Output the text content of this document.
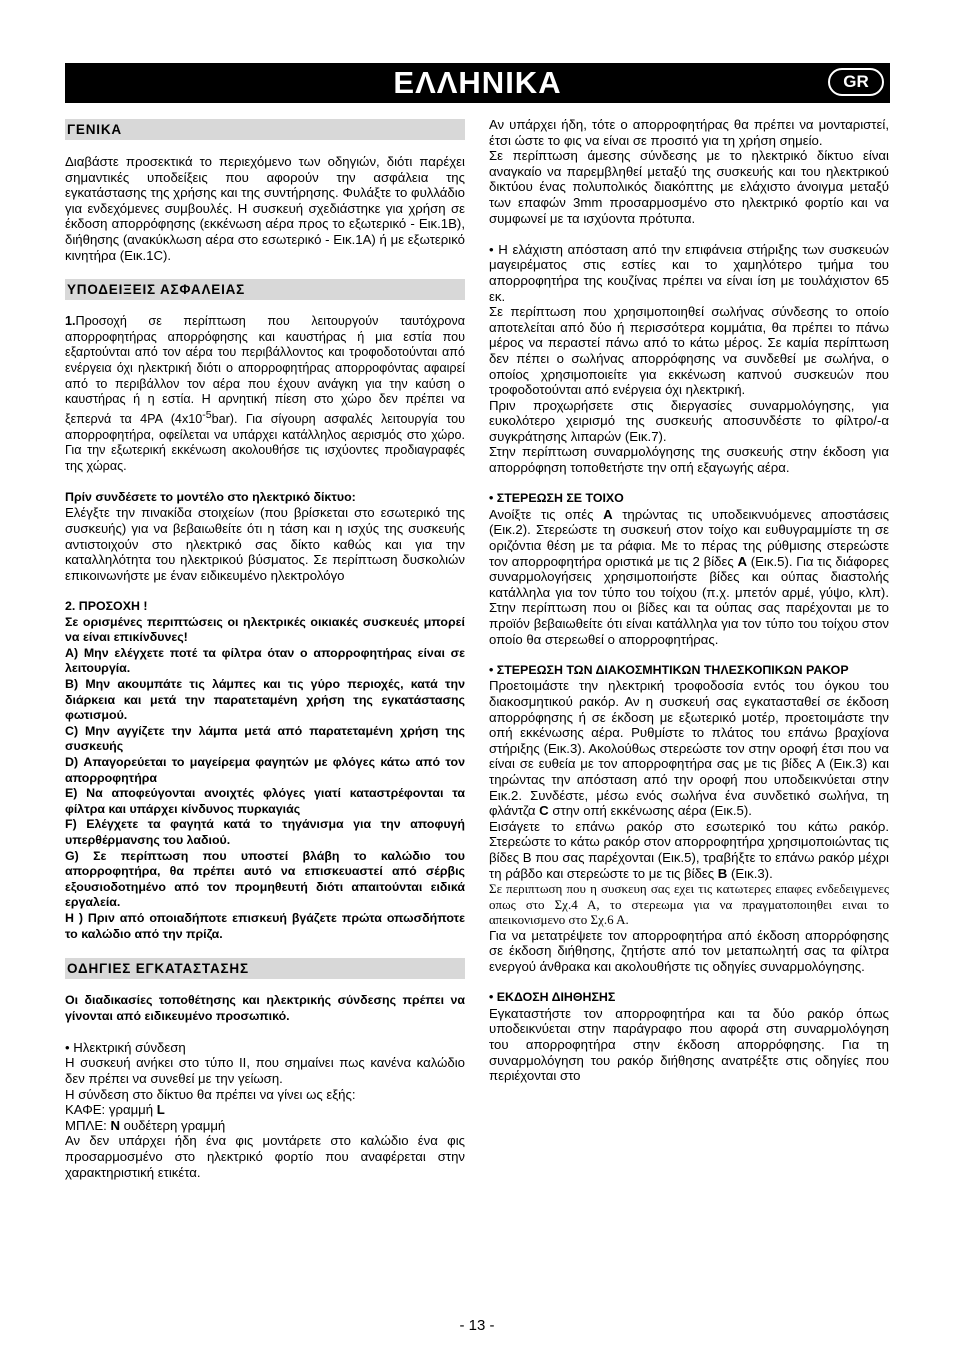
ΕΛΛΗΝΙΚΑ	GR
ΓΕΝΙΚΑ

Διαβάστε προσεκτικά το περιεχόμενο των οδηγιών, διότι παρέχει σημαντικές υποδείξεις που αφορούν την ασφάλεια της εγκατάστασης της χρήσης και της συντήρησης. Φυλάξτε το φυλλάδιο για ενδεχόμενες συμβουλές. Η συσκευή σχεδιάστηκε για χρήση σε έκδοση απορρόφησης (εκκένωση αέρα προς το εξωτερικό - Εικ.1B), διήθησης (ανακύκλωση αέρα στο εσωτερικό - Εικ.1A) ή με εξωτερικό κινητήρα (Εικ.1C).

ΥΠΟΔΕΙΞΕΙΣ ΑΣΦΑΛΕΙΑΣ

1.Προσοχή σε περίπτωση που λειτουργούν ταυτόχρονα απορροφητήρας απορρόφησης και καυστήρας ή μια εστία που εξαρτούνται από τον αέρα του περιβάλλοντος και τροφοδοτούνται από ενέργεια όχι ηλεκτρική διότι ο απορροφητήρας απορροφόντας αφαιρεί από το περιβάλλον τον αέρα που έχουν ανάγκη για την καύση ο καυστήρας ή η εστία. Η αρνητική πίεση στο χώρο δεν πρέπει να ξεπερνά τα 4PA $(4x10^{-5}bar)$. Για σίγουρη ασφαλές λειτουργία του απορροφητήρα, οφείλεται να υπάρχει κατάλληλος αερισμός στο χώρο. Για την εξωτερική εκκένωση ακολουθήσε τις ισχύοντες προδιαγραφές της χώρας.

Πρίν συνδέσετε το μοντέλο στο ηλεκτρικό δίκτυο:

Ελέγξτε την πινακίδα στοιχείων (που βρίσκεται στο εσωτερικό της συσκευής) για να βεβαιωθείτε ότι η τάση και η ισχύς της συσκευής αντιστοιχούν στο ηλεκτρικό σας δίκτο καθώς και για την καταλληλότητα του ηλεκτρικού βύσματος. Σε περίπτωση δυσκολιών επικοινωνήστε με έναν ειδικευμένο ηλεκτρολόγο

2. ΠΡΟΣΟΧΗ !

Σε ορισμένες περιπτώσεις οι ηλεκτρικές οικιακές συσκευές μπορεί να είναι επικίνδυνες!

A) Μην ελέγχετε ποτέ τα φίλτρα όταν ο απορροφητήρας είναι σε λειτουργία.

B) Μην ακουμπάτε τις λάμπες και τις γύρο περιοχές, κατά την διάρκεια και μετά την παρατεταμένη χρήση της εγκατάστασης φωτισμού.

C) Μην αγγίζετε την λάμπα μετά από παρατεταμένη χρήση της συσκευής

D) Απαγορεύεται το μαγείρεμα φαγητών με φλόγες κάτω από τον απορροφητήρα

E) Να αποφεύγονται ανοιχτές φλόγες γιατί καταστρέφονται τα φίλτρα και υπάρχει κίνδυνος πυρκαγιάς

F) Ελέγχετε τα φαγητά κατά το τηγάνισμα για την αποφυγή υπερθέρμανσης του λαδιού.

G) Σε περίπτωση που υποστεί βλάβη το καλώδιο του απορροφητήρα, θα πρέπει αυτό να επισκευαστεί από σέρβις εξουσιοδοτημένο από τον προμηθευτή διότι απαιτούνται ειδικά εργαλεία.

H ) Πριν από οποιαδήποτε επισκευή βγάζετε πρώτα οπωσδήποτε το καλώδιο από την πρίζα.

ΟΔΗΓΙΕΣ ΕΓΚΑΤΑΣΤΑΣΗΣ

Οι διαδικασίες τοποθέτησης και ηλεκτρικής σύνδεσης πρέπει να γίνονται από ειδικευμένο προσωπικό.

• Ηλεκτρική σύνδεση

Η συσκευή ανήκει στο τύπο II, που σημαίνει πως κανένα καλώδιο δεν πρέπει να συνεθεί με την γείωση.

Η σύνδεση στο δίκτυο θα πρέπει να γίνει ως εξής:

ΚΑΦΕ: γραμμή L

ΜΠΛΕ: N ουδέτερη γραμμή

Αν δεν υπάρχει ήδη ένα φις μοντάρετε στο καλώδιο ένα φις προσαρμοσμένο στο ηλεκτρικό φορτίο που αναφέρεται στην χαρακτηριστική ετικέτα.

Αν υπάρχει ήδη, τότε ο απορροφητήρας θα πρέπει να μονταριστεί, έτσι ώστε το φις να είναι σε προσιτό για τη χρήση σημείο.

Σε περίπτωση άμεσης σύνδεσης με το ηλεκτρικό δίκτυο είναι αναγκαίο να παρεμβληθεί μεταξύ της συσκευής και του ηλεκτρικού δικτύου ένας πολυπολικός διακόπτης με ελάχιστο άνοιγμα μεταξύ των επαφών 3mm προσαρμοσμένο στο ηλεκτρικό φορτίο και να συμφωνεί με τα ισχύοντα πρότυπα.

• Η ελάχιστη απόσταση από την επιφάνεια στήριξης των συσκευών μαγειρέματος στις εστίες και το χαμηλότερο τμήμα του απορροφητήρα της κουζίνας πρέπει να είναι ίση με τουλάχιστον 65 εκ.

Σε περίπτωση που χρησιμοποιηθεί σωλήνας σύνδεσης το οποίο αποτελείται από δύο ή περισσότερα κομμάτια, θα πρέπει το πάνω μέρος να περαστεί πάνω από το κάτω μέρος. Σε καμία περίπτωση δεν πέπει ο σωλήνας απορρόφησης να συνδεθεί με σωλήνα, ο οποίος χρησιμοποιείτε για εκκένωση καπνού συσκευών που τροφοδοτούνται από ενέργεια όχι ηλεκτρική.

Πριν προχωρήσετε στις διεργασίες συναρμολόγησης, για ευκολότερο χειρισμό της συσκευής αποσυνδέστε το φίλτρο/-α συγκράτησης λιπαρών (Εικ.7).

Στην περίπτωση συναρμολόγησης της συσκευής στην έκδοση για απορρόφηση τοποθετήστε την οπή εξαγωγής αέρα.

• ΣΤΕΡΕΩΣΗ ΣΕ ΤΟΙΧΟ

Ανοίξτε τις οπές A τηρώντας τις υποδεικνυόμενες αποστάσεις (Εικ.2). Στερεώστε τη συσκευή στον τοίχο και ευθυγραμμίστε τη σε οριζόντια θέση με τα ράφια. Με το πέρας της ρύθμισης στερεώστε τον απορροφητήρα οριστικά με τις 2 βίδες A (Εικ.5). Για τις διάφορες συναρμολογήσεις χρησιμοποιήστε βίδες και ούπας διαστολής κατάλληλα για τον τύπο του τοίχου (π.χ. μπετόν αρμέ, γύψο, κλπ). Στην περίπτωση που οι βίδες και τα ούπας σας παρέχονται με το προϊόν βεβαιωθείτε ότι είναι κατάλληλα για τον τύπο του τοίχου στον οποίο θα στερεωθεί ο απορροφητήρας.

• ΣΤΕΡΕΩΣΗ ΤΩΝ ΔΙΑΚΟΣΜΗΤΙΚΩΝ ΤΗΛΕΣΚΟΠΙΚΩΝ ΡΑΚΟΡ

Προετοιμάστε την ηλεκτρική τροφοδοσία εντός του όγκου του διακοσμητικού ρακόρ. Αν η συσκευή σας εγκατασταθεί σε έκδοση απορρόφησης ή σε έκδοση με εξωτερικό μοτέρ, προετοιμάστε την οπή εκκένωσης αέρα. Ρυθμίστε το πλάτος του επάνω βραχίονα στήριξης (Εικ.3). Ακολούθως στερεώστε τον στην οροφή έτσι που να είναι σε ευθεία με τον απορροφητήρα σας με τις βίδες A (Εικ.3) και τηρώντας την απόσταση από την οροφή που υποδεικνύεται στην Εικ.2. Συνδέστε, μέσω ενός σωλήνα ένα συνδετικό σωλήνα, τη φλάντζα C στην οπή εκκένωσης αέρα (Εικ.5).

Εισάγετε το επάνω ρακόρ στο εσωτερικό του κάτω ρακόρ. Στερεώστε το κάτω ρακόρ στον απορροφητήρα χρησιμοποιώντας τις βίδες B που σας παρέχονται (Εικ.5), τραβήξτε το επάνω ρακόρ μέχρι τη ράβδο και στερεώστε το με τις βίδες B (Εικ.3).

Σε περιπτωση που η συσκευη σας εχει τις κατωτερες επαφες ενδεδειγμενες οπως στο Σχ.4 Α, το στερεωμα για να πραγματοποιηθει ειναι το απεικονισμενο στο Σχ.6 Α.

Για να μετατρέψετε τον απορροφητήρα από έκδοση απορρόφησης σε έκδοση διήθησης, ζητήστε από τον μεταπωλητή σας τα φίλτρα ενεργού άνθρακα και ακολουθήστε τις οδηγίες συναρμολόγησης.

• ΕΚΔΟΣΗ ΔΙΗΘΗΣΗΣ

Εγκαταστήστε τον απορροφητήρα και τα δύο ρακόρ όπως υποδεικνύεται στην παράγραφο που αφορά στη συναρμολόγηση του απορροφητήρα στην έκδοση απορρόφησης. Για τη συναρμολόγηση του ρακόρ διήθησης ανατρέξτε στις οδηγίες που περιέχονται στο

- 13 -
